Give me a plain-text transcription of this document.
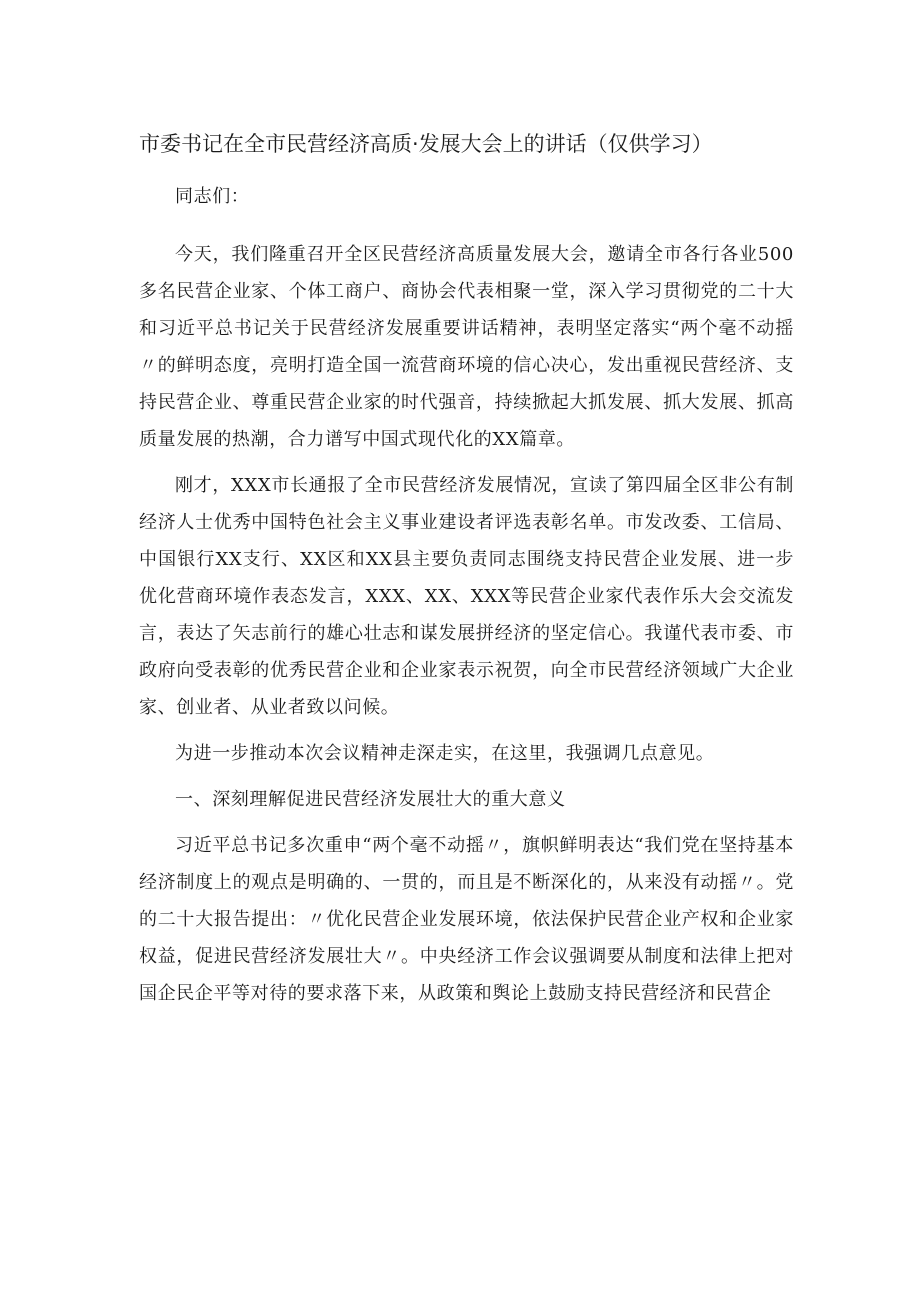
市委书记在全市民营经济高质·发展大会上的讲话（仅供学习）

同志们：

今天，我们隆重召开全区民营经济高质量发展大会，邀请全市各行各业500多名民营企业家、个体工商户、商协会代表相聚一堂，深入学习贯彻党的二十大和习近平总书记关于民营经济发展重要讲话精神，表明坚定落实“两个毫不动摇〃的鲜明态度，亮明打造全国一流营商环境的信心决心，发出重视民营经济、支持民营企业、尊重民营企业家的时代强音，持续掀起大抓发展、抓大发展、抓高质量发展的热潮，合力谱写中国式现代化的XX篇章。

刚才，XXX市长通报了全市民营经济发展情况，宣读了第四届全区非公有制经济人士优秀中国特色社会主义事业建设者评选表彰名单。市发改委、工信局、中国银行XX支行、XX区和XX县主要负责同志围绕支持民营企业发展、进一步优化营商环境作表态发言，XXX、XX、XXX等民营企业家代表作乐大会交流发言，表达了矢志前行的雄心壮志和谋发展拼经济的坚定信心。我谨代表市委、市政府向受表彰的优秀民营企业和企业家表示祝贺，向全市民营经济领域广大企业家、创业者、从业者致以问候。

为进一步推动本次会议精神走深走实，在这里，我强调几点意见。

一、深刻理解促进民营经济发展壮大的重大意义

习近平总书记多次重申“两个毫不动摇〃，旗帜鲜明表达“我们党在坚持基本经济制度上的观点是明确的、一贯的，而且是不断深化的，从来没有动摇〃。党的二十大报告提出：〃优化民营企业发展环境，依法保护民营企业产权和企业家权益，促进民营经济发展壮大〃。中央经济工作会议强调要从制度和法律上把对国企民企平等对待的要求落下来，从政策和舆论上鼓励支持民营经济和民营企
